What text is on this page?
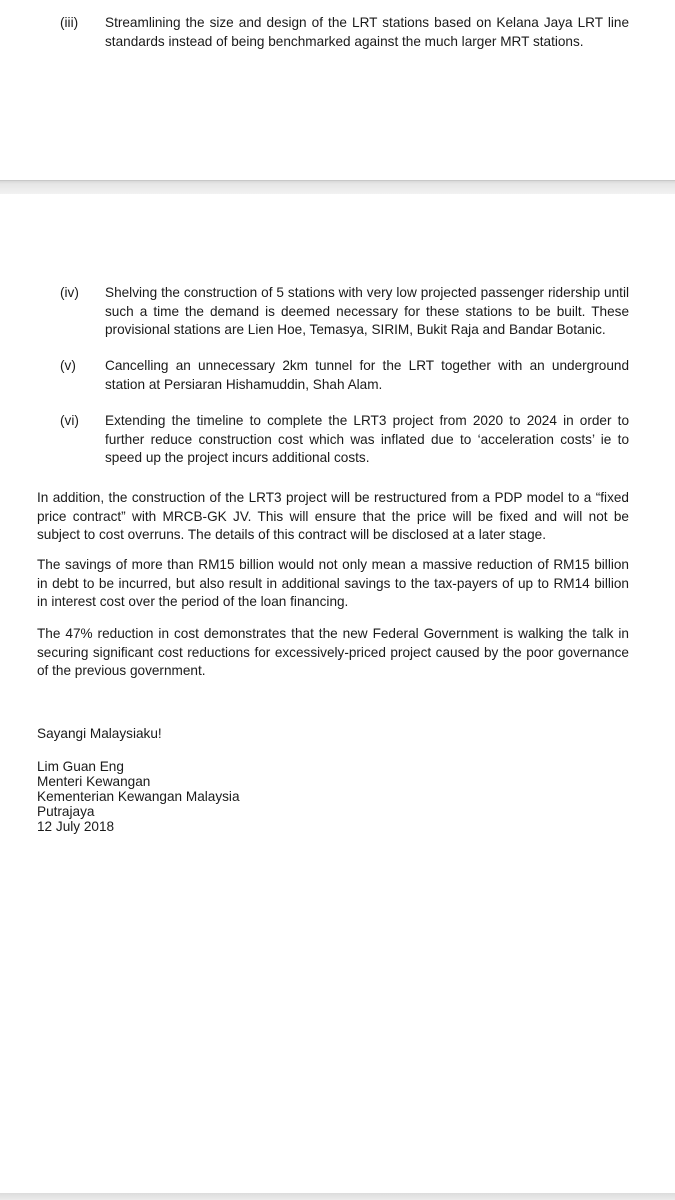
(iii) Streamlining the size and design of the LRT stations based on Kelana Jaya LRT line standards instead of being benchmarked against the much larger MRT stations.
(iv) Shelving the construction of 5 stations with very low projected passenger ridership until such a time the demand is deemed necessary for these stations to be built. These provisional stations are Lien Hoe, Temasya, SIRIM, Bukit Raja and Bandar Botanic.
(v) Cancelling an unnecessary 2km tunnel for the LRT together with an underground station at Persiaran Hishamuddin, Shah Alam.
(vi) Extending the timeline to complete the LRT3 project from 2020 to 2024 in order to further reduce construction cost which was inflated due to ‘acceleration costs’ ie to speed up the project incurs additional costs.

In addition, the construction of the LRT3 project will be restructured from a PDP model to a “fixed price contract” with MRCB-GK JV. This will ensure that the price will be fixed and will not be subject to cost overruns. The details of this contract will be disclosed at a later stage.

The savings of more than RM15 billion would not only mean a massive reduction of RM15 billion in debt to be incurred, but also result in additional savings to the tax-payers of up to RM14 billion in interest cost over the period of the loan financing.

The 47% reduction in cost demonstrates that the new Federal Government is walking the talk in securing significant cost reductions for excessively-priced project caused by the poor governance of the previous government.

Sayangi Malaysiaku!

Lim Guan Eng

Menteri Kewangan

Kementerian Kewangan Malaysia

Putrajaya

12 July 2018
